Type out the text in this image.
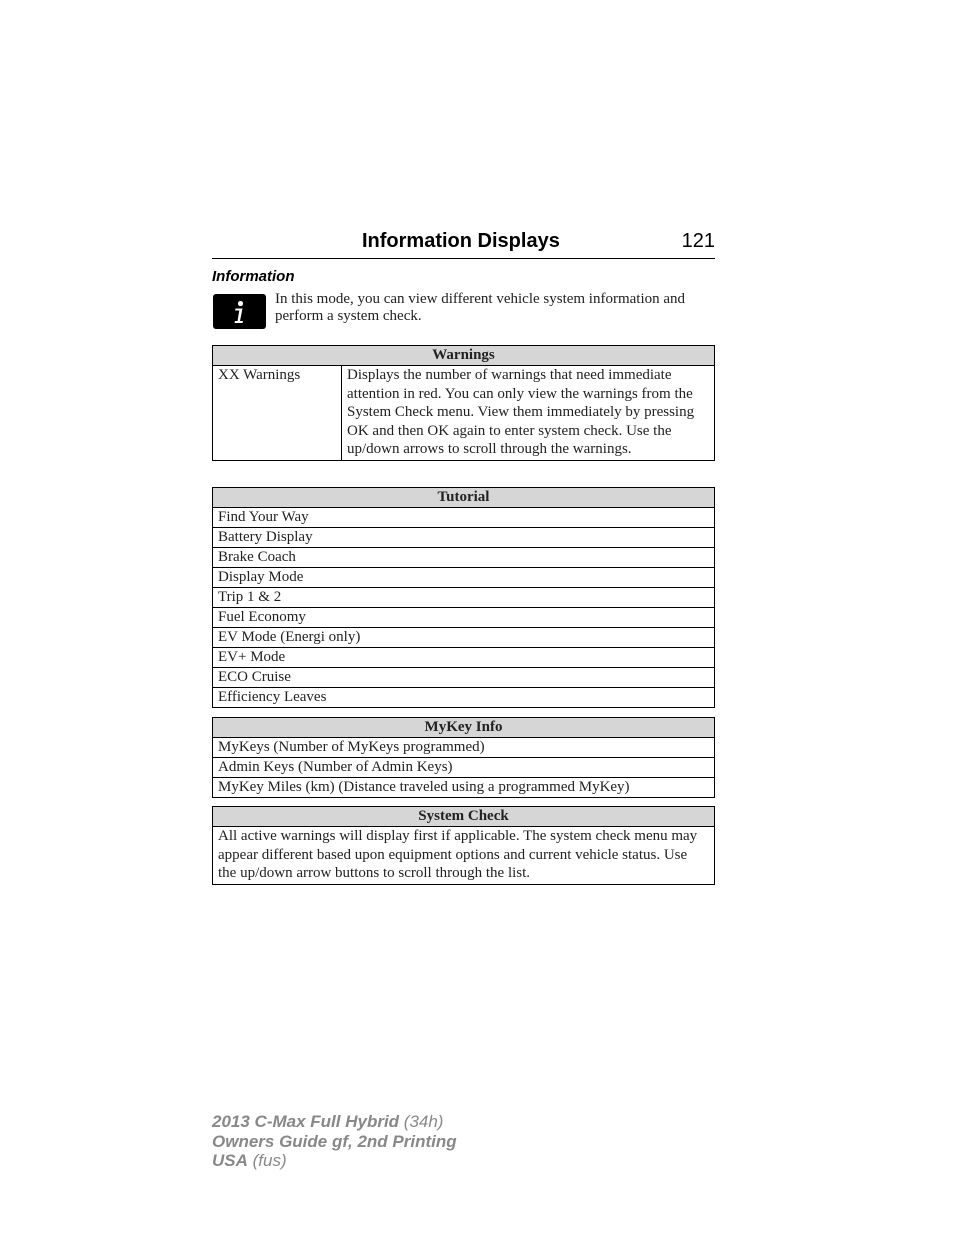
Information Displays	121
Information
In this mode, you can view different vehicle system information and perform a system check.
Warnings
XX Warnings	Displays the number of warnings that need immediate attention in red. You can only view the warnings from the System Check menu. View them immediately by pressing OK and then OK again to enter system check. Use the up/down arrows to scroll through the warnings.
Tutorial
Find Your Way
Battery Display
Brake Coach
Display Mode
Trip 1 & 2
Fuel Economy
EV Mode (Energi only)
EV+ Mode
ECO Cruise
Efficiency Leaves
MyKey Info
MyKeys (Number of MyKeys programmed)
Admin Keys (Number of Admin Keys)
MyKey Miles (km) (Distance traveled using a programmed MyKey)
System Check
All active warnings will display first if applicable. The system check menu may appear different based upon equipment options and current vehicle status. Use the up/down arrow buttons to scroll through the list.
2013 C-Max Full Hybrid (34h)
Owners Guide gf, 2nd Printing
USA (fus)
